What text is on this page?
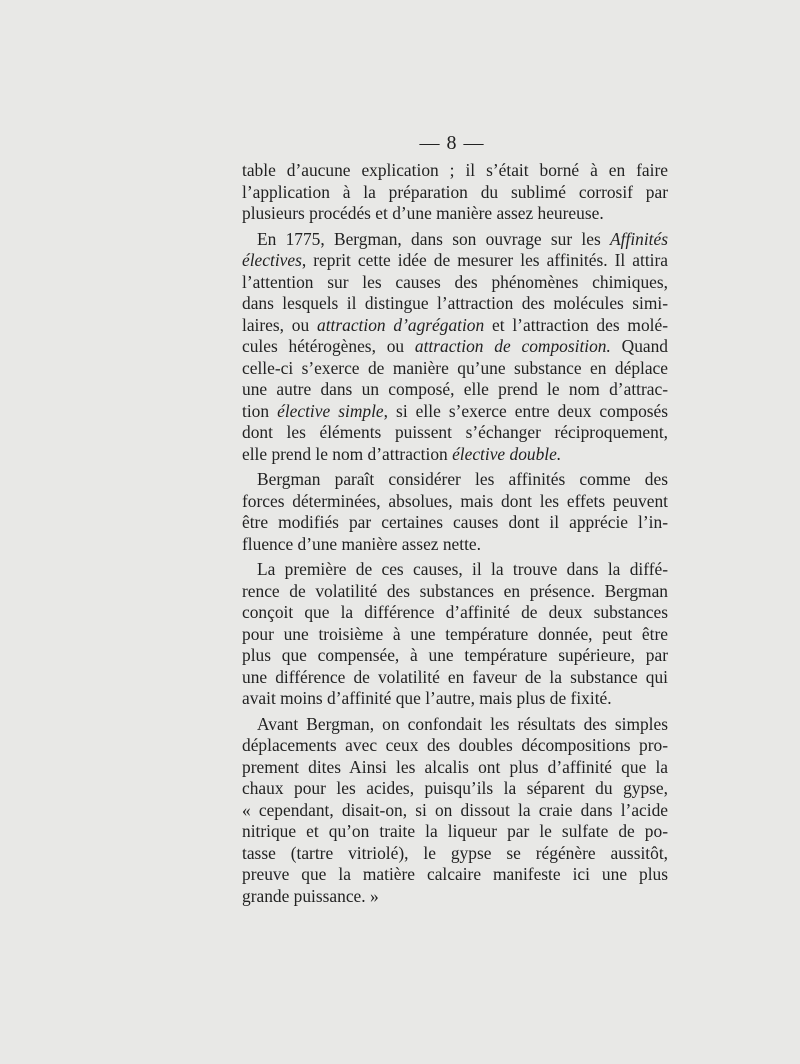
— 8 —
table d’aucune explication ; il s’était borné à en faire
l’application à la préparation du sublimé corrosif par
plusieurs procédés et d’une manière assez heureuse.
En 1775, Bergman, dans son ouvrage sur les Affinités
électives, reprit cette idée de mesurer les affinités. Il attira
l’attention sur les causes des phénomènes chimiques,
dans lesquels il distingue l’attraction des molécules simi-
laires, ou attraction d’agrégation et l’attraction des molé-
cules hétérogènes, ou attraction de composition. Quand
celle-ci s’exerce de manière qu’une substance en déplace
une autre dans un composé, elle prend le nom d’attrac-
tion élective simple, si elle s’exerce entre deux composés
dont les éléments puissent s’échanger réciproquement,
elle prend le nom d’attraction élective double.
Bergman paraît considérer les affinités comme des
forces déterminées, absolues, mais dont les effets peuvent
être modifiés par certaines causes dont il apprécie l’in-
fluence d’une manière assez nette.
La première de ces causes, il la trouve dans la diffé-
rence de volatilité des substances en présence. Bergman
conçoit que la différence d’affinité de deux substances
pour une troisième à une température donnée, peut être
plus que compensée, à une température supérieure, par
une différence de volatilité en faveur de la substance qui
avait moins d’affinité que l’autre, mais plus de fixité.
Avant Bergman, on confondait les résultats des simples
déplacements avec ceux des doubles décompositions pro-
prement dites Ainsi les alcalis ont plus d’affinité que la
chaux pour les acides, puisqu’ils la séparent du gypse,
« cependant, disait-on, si on dissout la craie dans l’acide
nitrique et qu’on traite la liqueur par le sulfate de po-
tasse (tartre vitriolé), le gypse se régénère aussitôt,
preuve que la matière calcaire manifeste ici une plus
grande puissance. »
